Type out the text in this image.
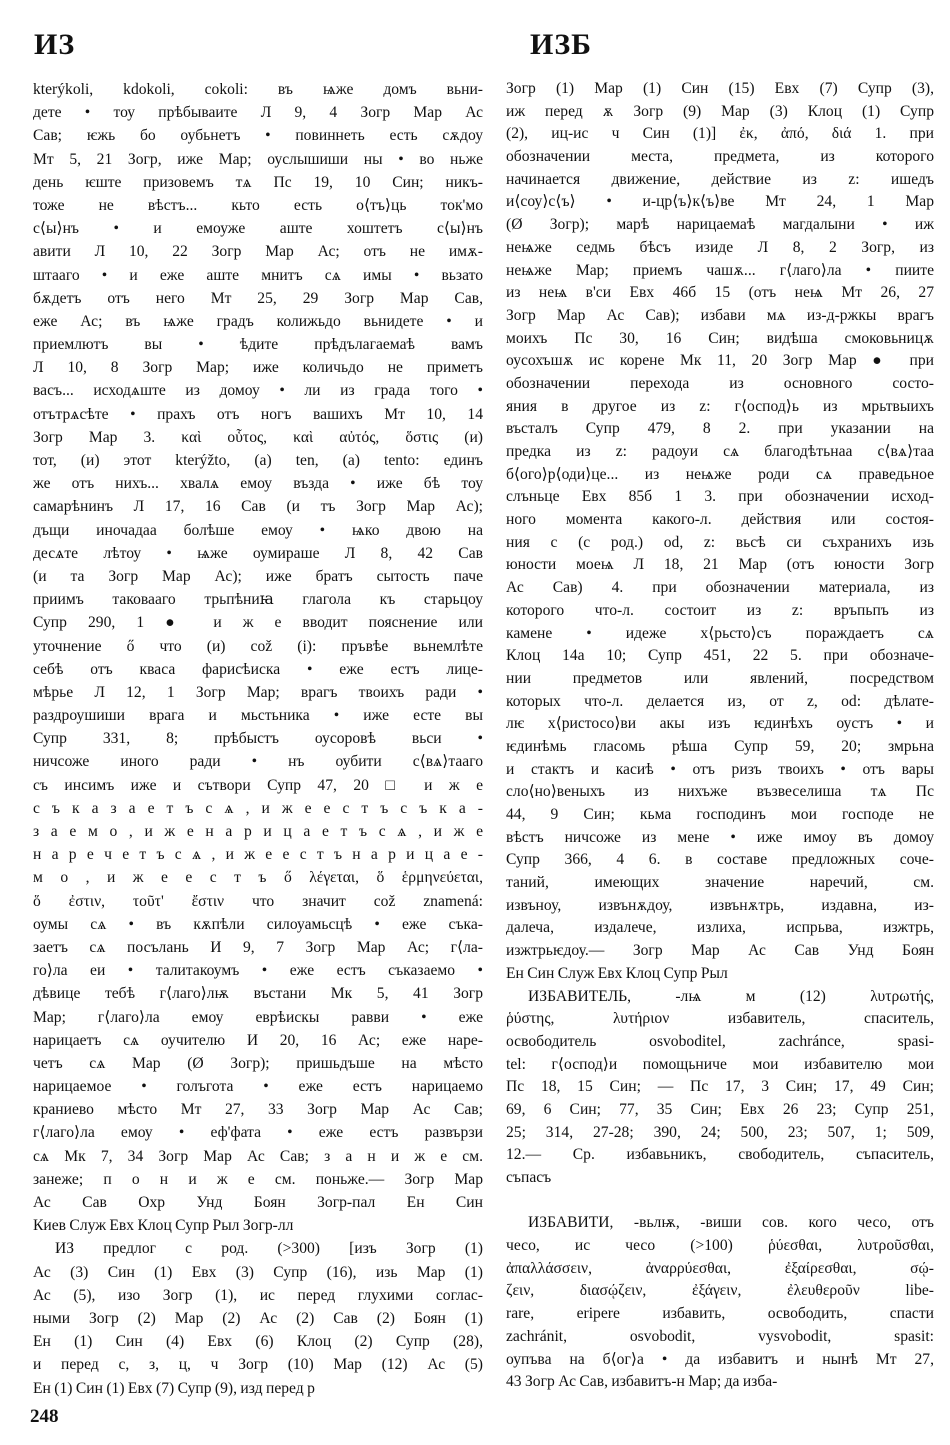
ИЗ	ИЗБ
kterýkoli, kdokoli, cokoli: въ ѩже домъ вьни-
дете • тоу прѣбываите Л 9, 4 Зогр Мар Ас
Сав; ѥжь бо оубьнетъ • повиннеть есть сѫдоу
Мт 5, 21 Зогр, иже Мар; оуслышиши ны • во ньже
день ѥште призовемъ тѧ Пс 19, 10 Син; никъ-
тоже не вѣстъ... кьто есть о⟨тъ⟩ць ток'мо
с⟨ы⟩нъ • и емоуже аште хоштетъ с⟨ы⟩нъ
авити Л 10, 22 Зогр Мар Ас; отъ не имѫ-
штааго • и еже аште мнитъ сѧ имы • вьзато
бѫдетъ отъ него Мт 25, 29 Зогр Мар Сав,
еже Ас; въ ѩже градъ колижьдо вьнидете • и
приемлютъ вы • ѣдите прѣдълагаемаѣ вамъ
Л 10, 8 Зогр Мар; иже количьдо не приметъ
васъ... исходѧште из домоу • ли из града того •
отътрѧсѣте • прахъ отъ ногъ вашихъ Мт 10, 14
Зогр Мар 3. καὶ οὗτος, καὶ αὐτός, ὅστις (и)
тот, (и) этот kterýžto, (a) ten, (a) tento: единъ
же отъ нихъ... хвалѧ емоу възда • иже бѣ тоу
самарѣнинъ Л 17, 16 Сав (и тъ Зогр Мар Ас);
дъщи иночадаа болѣше емоу • ѩко двою на
десѧте лѣтоу • ѩже оумираше Л 8, 42 Сав
(и та Зогр Мар Ас); иже братъ сытость паче
приимъ таковааго трьпѣниꙗ глагола къ старьцоу
Супр 290, 1 ● и ж е вводит пояснение или
уточнение ő что (и) což (i): пръвѣе вьнемлѣте
себѣ отъ кваса фарисѣиска • еже естъ лице-
мѣрье Л 12, 1 Зогр Мар; врагъ твоихъ ради •
раздроушиши врага и мьстьника • иже есте вы
Супр 331, 8; прѣбыстъ оусоровѣ вьси •
ничсоже иного ради • нъ оубити с⟨вѧ⟩тааго
съ инсимъ иже и сътвори Супр 47, 20 □ и ж е
с ъ к а з а е т ъ с ѧ , и ж е е с т ъ с ъ к а -
з а е м о , и ж е н а р и ц а е т ъ с ѧ , и ж е
н а р е ч е т ъ с ѧ , и ж е е с т ъ н а р и ц а е -
м о , и ж е е с т ъ ő λέγεται, ὅ ἑρμηνεύεται,
ὅ ἐστιν, τοῦτ' ἔστιν что значит což znamená:
оумы сѧ • въ кѫпѣли силоуамьсцѣ • еже съка-
заетъ сѧ посълань И 9, 7 Зогр Мар Ас; г⟨ла-
го⟩ла еи • талитакоумъ • еже естъ съказаемо •
дѣвице тебѣ г⟨лаго⟩лѭ въстани Мк 5, 41 Зогр
Мар; г⟨лаго⟩ла емоу еврѣискы равви • еже
нарицаетъ сѧ оучителю И 20, 16 Ас; еже наре-
четъ сѧ Мар (Ø Зогр); пришьдъше на мѣсто
нарицаемое • голъгота • еже естъ нарицаемо
краниево мѣсто Мт 27, 33 Зогр Мар Ас Сав;
г⟨лаго⟩ла емоу • еф'фата • еже естъ развързи
сѧ Мк 7, 34 Зогр Мар Ас Сав; з а н и ж е см.
занеже; п о н и ж е см. поньже.— Зогр Мар
Ас Сав Охр Унд Боян Зогр-пал Ен Син
Киев Служ Евх Клоц Супр Рыл Зогр-лл
ИЗ предлог с род. (>300) [изъ Зогр (1)
Ас (3) Син (1) Евх (3) Супр (16), изь Мар (1)
Ас (5), изо Зогр (1), ис перед глухими соглас-
ными Зогр (2) Мар (2) Ас (2) Сав (2) Боян (1)
Ен (1) Син (4) Евх (6) Клоц (2) Супр (28),
и перед с, з, ц, ч Зогр (10) Мар (12) Ас (5)
Ен (1) Син (1) Евх (7) Супр (9), изд перед р
Зогр (1) Мар (1) Син (15) Евх (7) Супр (3),
иж перед ѫ Зогр (9) Мар (3) Клоц (1) Супр
(2), иц-ис ч Син (1)] ἐκ, ἀπό, διά 1. при
обозначении места, предмета, из которого
начинается движение, действие из z: ишедъ
и⟨соу⟩с⟨ъ⟩ • и-цр⟨ъ⟩к⟨ъ⟩ве Мт 24, 1 Мар
(Ø Зогр); марѣ нарицаемаѣ магдалыни • иж
неѩже седмь бѣсъ изиде Л 8, 2 Зогр, из
неѩже Мар; приемъ чашѫ... г⟨лаго⟩ла • пиите
из неѩ в'си Евх 46б 15 (отъ неѩ Мт 26, 27
Зогр Мар Ас Сав); избави мѧ из-д-ржкы врагъ
моихъ Пс 30, 16 Син; видѣша смоковьницѫ
оусохъшѫ ис корене Мк 11, 20 Зогр Мар ● при
обозначении перехода из основного состо-
яния в другое из z: г⟨оспод⟩ь из мрьтвыихъ
въсталъ Супр 479, 8 2. при указании на
предка из z: радоуи сѧ благодѣтьнаа с⟨вѧ⟩таа
б⟨ого⟩р⟨оди⟩це... из неѩже роди сѧ праведьное
слъньце Евх 85б 1 3. при обозначении исход-
ного момента какого-л. действия или состоя-
ния с (с род.) od, z: вьсѣ си съхранихъ изь
юности моеѩ Л 18, 21 Мар (отъ юности Зогр
Ас Сав) 4. при обозначении материала, из
которого что-л. состоит из z: връпьпъ из
камене • идеже х⟨рьсто⟩съ пораждаетъ сѧ
Клоц 14а 10; Супр 451, 22 5. при обозначе-
нии предметов или явлений, посредством
которых что-л. делается из, от z, od: дѣлате-
лѥ х⟨ристосо⟩ви акы изъ ѥдинѣхъ оустъ • и
ѥдинѣмь гласомь рѣша Супр 59, 20; змрьна
и стактъ и касиѣ • отъ ризъ твоихъ • отъ вары
сло⟨но⟩веныхъ из нихъже възвеселиша тѧ Пс
44, 9 Син; кьма господинъ мои господе не
вѣстъ ничсоже из мене • иже имоу въ домоу
Супр 366, 4 6. в составе предложных соче-
таний, имеющих значение наречий, см.
извъноу, извънѫдоу, извънѫтрь, издавна, из-
далеча, издалече, излиха, испрьва, изжтрь,
изжтрьѥдоу.— Зогр Мар Ас Сав Унд Боян
Ен Син Служ Евх Клоц Супр Рыл
ИЗБАВИТЕЛЬ, -лѩ м (12) λυτρωτής,
ῥύστης, λυτήριον избавитель, спаситель,
освободитель osvoboditel, zachránce, spasi-
tel: г⟨оспод⟩и помощьниче мои избавителю мои
Пс 18, 15 Син; — Пс 17, 3 Син; 17, 49 Син;
69, 6 Син; 77, 35 Син; Евх 26 23; Супр 251,
25; 314, 27-28; 390, 24; 500, 23; 507, 1; 509,
12.— Ср. избавьникъ, свободитель, съпаситель,
съпасъ
ИЗБАВИТИ, -вьлѭ, -виши сов. кого чесо, отъ
чесо, ис чесо (>100) ῥύεσθαι, λυτροῦσθαι,
ἀπαλλάσσειν, ἀναρρύεσθαι, ἐξαίρεσθαι, σῴ-
ζειν, διασῴζειν, ἐξάγειν, ἐλευθεροῦν libe-
rare, eripere избавить, освободить, спасти
zachránit, osvobodit, vysvobodit, spasit:
оупъва на б⟨ог⟩а • да избавитъ и нынѣ Мт 27,
43 Зогр Ас Сав, избавитъ-н Мар; да изба-
248
